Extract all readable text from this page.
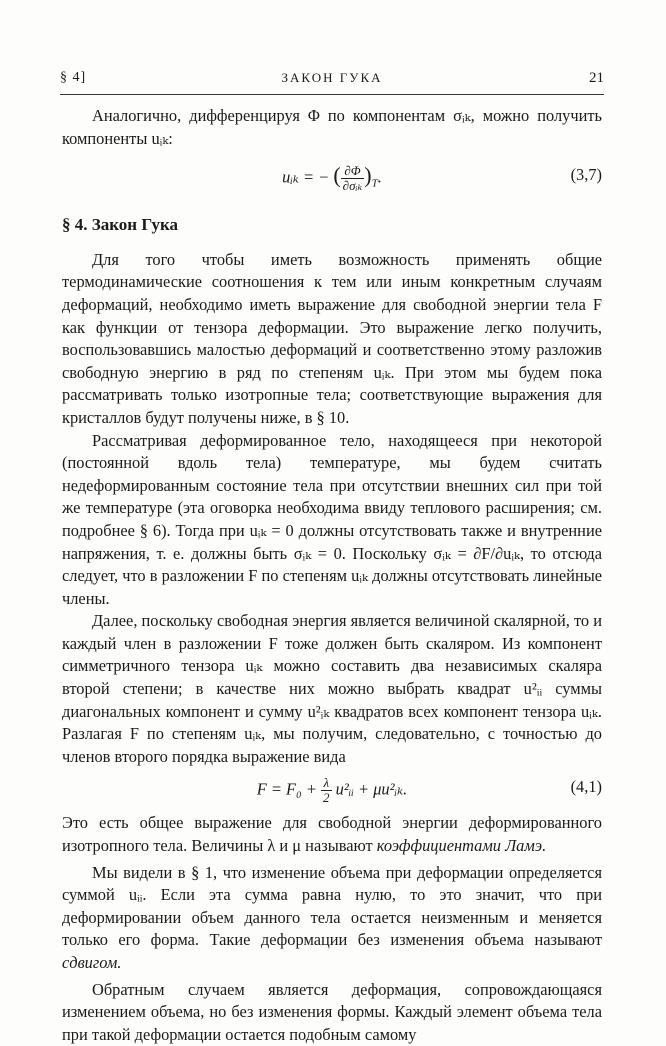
§ 4]	ЗАКОН ГУКА	21

Аналогично, дифференцируя Φ по компонентам σᵢₖ, можно получить компоненты uᵢₖ:

uᵢₖ = − ( $\frac{\partial\Phi}{\text{∂σᵢₖ}} )_T$.	(3,7)
§ 4. Закон Гука

Для того чтобы иметь возможность применять общие термодинамические соотношения к тем или иным конкретным случаям деформаций, необходимо иметь выражение для свободной энергии тела F как функции от тензора деформации. Это выражение легко получить, воспользовавшись малостью деформаций и соответственно этому разложив свободную энергию в ряд по степеням uᵢₖ. При этом мы будем пока рассматривать только изотропные тела; соответствующие выражения для кристаллов будут получены ниже, в § 10.

Рассматривая деформированное тело, находящееся при некоторой (постоянной вдоль тела) температуре, мы будем считать недеформированным состояние тела при отсутствии внешних сил при той же температуре (эта оговорка необходима ввиду теплового расширения; см. подробнее § 6). Тогда при uᵢₖ = 0 должны отсутствовать также и внутренние напряжения, т. е. должны быть σᵢₖ = 0. Поскольку σᵢₖ = ∂F/∂uᵢₖ, то отсюда следует, что в разложении F по степеням uᵢₖ должны отсутствовать линейные члены.

Далее, поскольку свободная энергия является величиной скалярной, то и каждый член в разложении F тоже должен быть скаляром. Из компонент симметричного тензора uᵢₖ можно составить два независимых скаляра второй степени; в качестве них можно выбрать квадрат u²ᵢᵢ суммы диагональных компонент и сумму u²ᵢₖ квадратов всех компонент тензора uᵢₖ. Разлагая F по степеням uᵢₖ, мы получим, следовательно, с точностью до членов второго порядка выражение вида

$F = F_0 + \frac{\lambda}{2}$ u²ᵢᵢ + μu²ᵢₖ.	(4,1)

Это есть общее выражение для свободной энергии деформированного изотропного тела. Величины λ и μ называют коэффициентами Ламэ.

Мы видели в § 1, что изменение объема при деформации определяется суммой uᵢᵢ. Если эта сумма равна нулю, то это значит, что при деформировании объем данного тела остается неизменным и меняется только его форма. Такие деформации без изменения объема называют сдвигом.

Обратным случаем является деформация, сопровождающаяся изменением объема, но без изменения формы. Каждый элемент объема тела при такой деформации остается подобным самому
